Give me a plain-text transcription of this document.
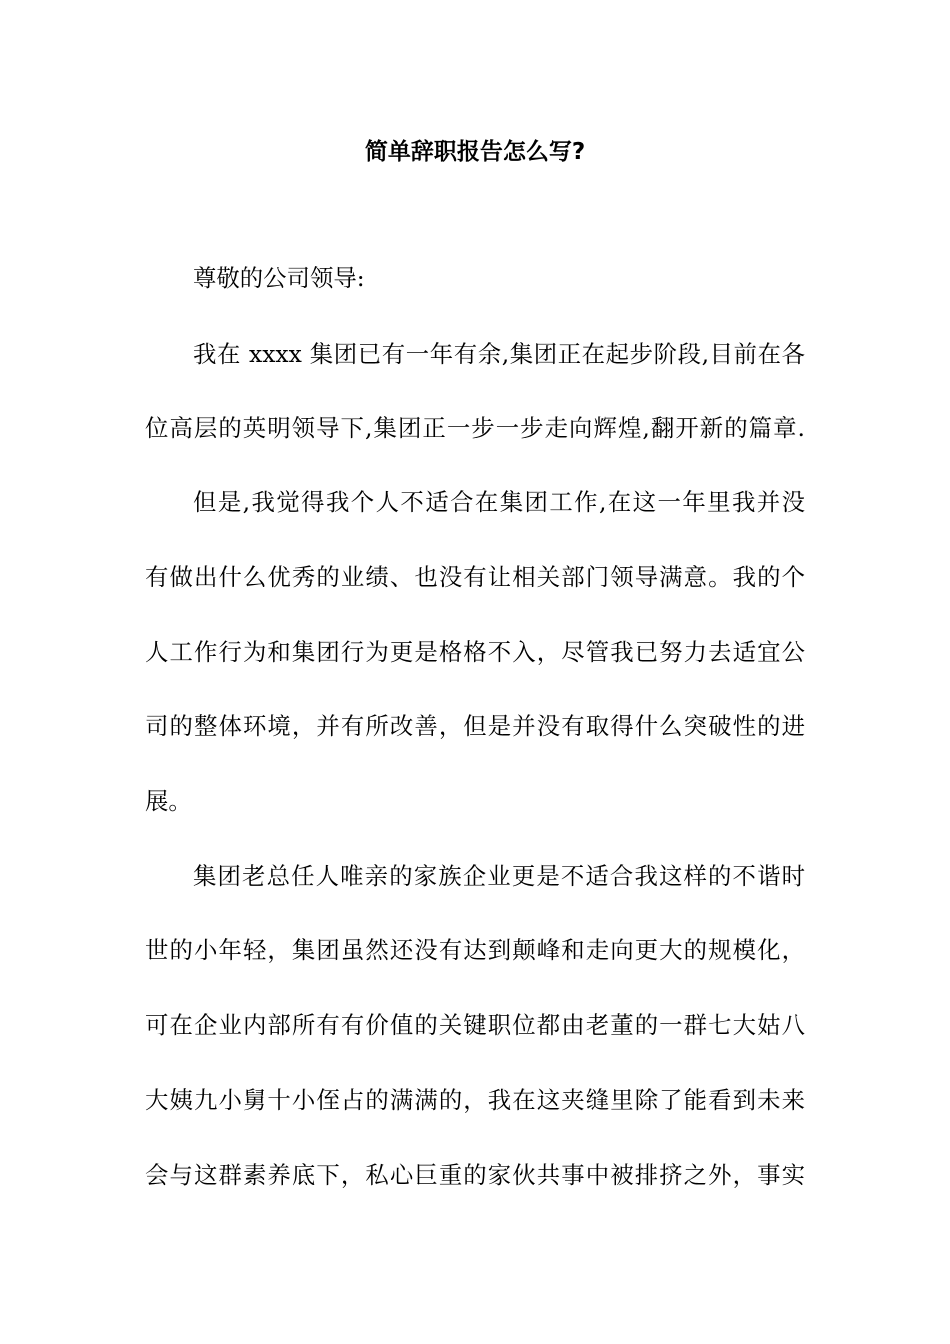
简单辞职报告怎么写?

尊敬的公司领导:

我在 xxxx 集团已有一年有余,集团正在起步阶段,目前在各

位高层的英明领导下,集团正一步一步走向辉煌,翻开新的篇章.

但是,我觉得我个人不适合在集团工作,在这一年里我并没

有做出什么优秀的业绩、也没有让相关部门领导满意。我的个

人工作行为和集团行为更是格格不入，尽管我已努力去适宜公

司的整体环境，并有所改善，但是并没有取得什么突破性的进

展。

集团老总任人唯亲的家族企业更是不适合我这样的不谐时

世的小年轻，集团虽然还没有达到颠峰和走向更大的规模化，

可在企业内部所有有价值的关键职位都由老董的一群七大姑八

大姨九小舅十小侄占的满满的，我在这夹缝里除了能看到未来

会与这群素养底下，私心巨重的家伙共事中被排挤之外，事实
